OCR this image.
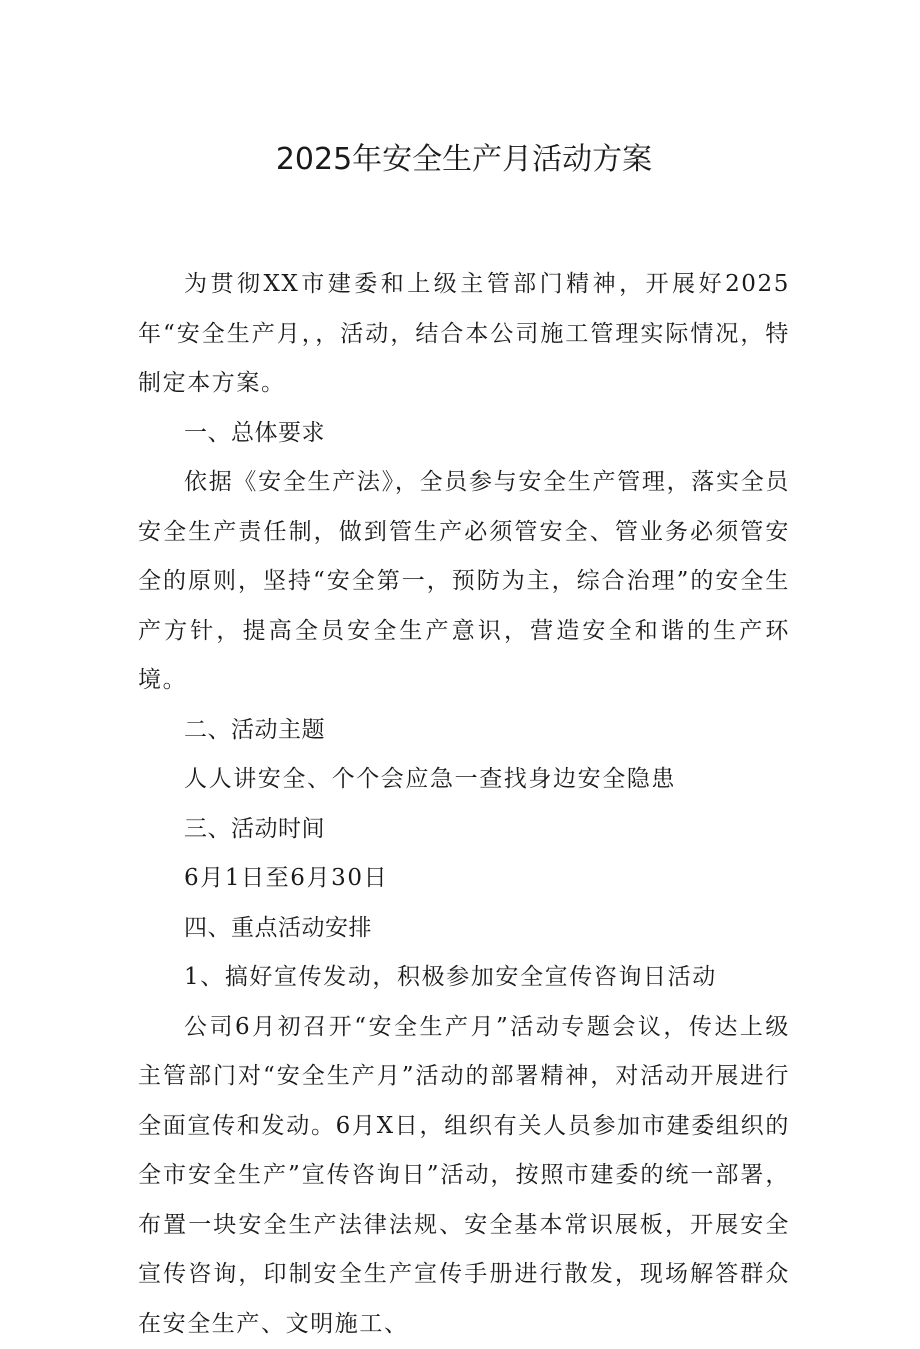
2025年安全生产月活动方案

为贯彻XX市建委和上级主管部门精神，开展好2025年“安全生产月，，活动，结合本公司施工管理实际情况，特制定本方案。

一、总体要求

依据《安全生产法》，全员参与安全生产管理，落实全员安全生产责任制，做到管生产必须管安全、管业务必须管安全的原则，坚持“安全第一，预防为主，综合治理”的安全生产方针，提高全员安全生产意识，营造安全和谐的生产环境。

二、活动主题

人人讲安全、个个会应急一查找身边安全隐患

三、活动时间

6月1日至6月30日

四、重点活动安排

1、搞好宣传发动，积极参加安全宣传咨询日活动

公司6月初召开“安全生产月”活动专题会议，传达上级主管部门对“安全生产月”活动的部署精神，对活动开展进行全面宣传和发动。6月X日，组织有关人员参加市建委组织的全市安全生产”宣传咨询日”活动，按照市建委的统一部署，布置一块安全生产法律法规、安全基本常识展板，开展安全宣传咨询，印制安全生产宣传手册进行散发，现场解答群众在安全生产、文明施工、
